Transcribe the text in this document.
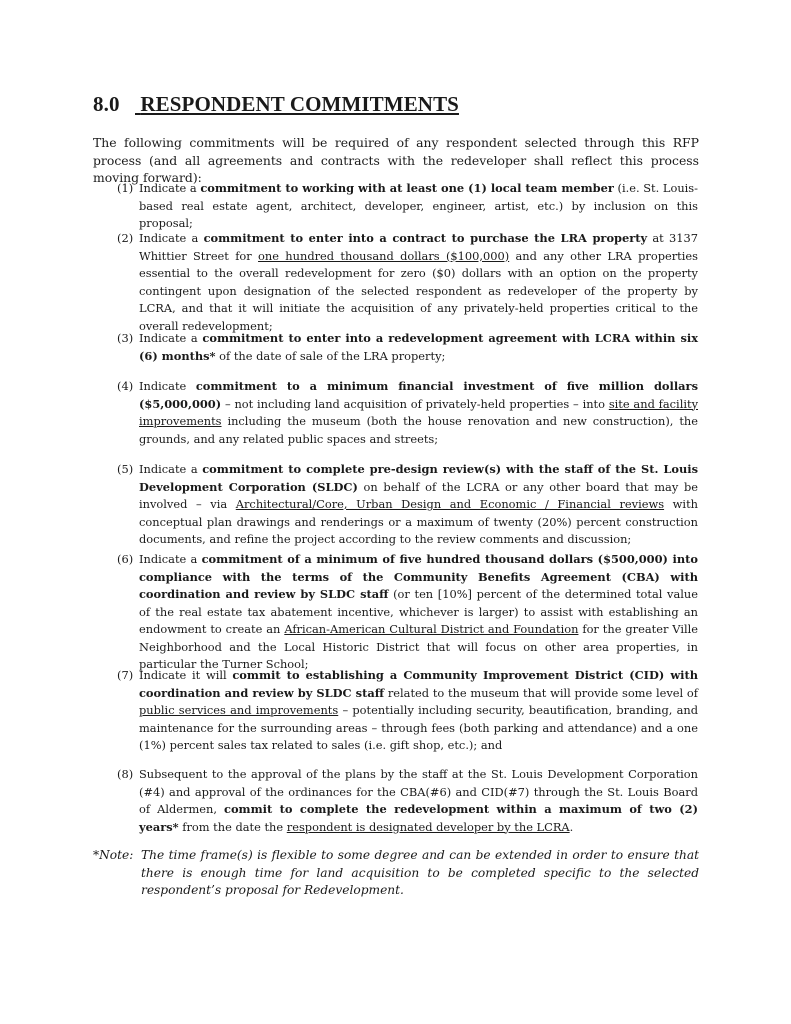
8.0 RESPONDENT COMMITMENTS
The following commitments will be required of any respondent selected through this RFP process (and all agreements and contracts with the redeveloper shall reflect this process moving forward):
(1) Indicate a commitment to working with at least one (1) local team member (i.e. St. Louis-based real estate agent, architect, developer, engineer, artist, etc.) by inclusion on this proposal;
(2) Indicate a commitment to enter into a contract to purchase the LRA property at 3137 Whittier Street for one hundred thousand dollars ($100,000) and any other LRA properties essential to the overall redevelopment for zero ($0) dollars with an option on the property contingent upon designation of the selected respondent as redeveloper of the property by LCRA, and that it will initiate the acquisition of any privately-held properties critical to the overall redevelopment;
(3) Indicate a commitment to enter into a redevelopment agreement with LCRA within six (6) months* of the date of sale of the LRA property;
(4) Indicate commitment to a minimum financial investment of five million dollars ($5,000,000) – not including land acquisition of privately-held properties – into site and facility improvements including the museum (both the house renovation and new construction), the grounds, and any related public spaces and streets;
(5) Indicate a commitment to complete pre-design review(s) with the staff of the St. Louis Development Corporation (SLDC) on behalf of the LCRA or any other board that may be involved – via Architectural/Core, Urban Design and Economic / Financial reviews with conceptual plan drawings and renderings or a maximum of twenty (20%) percent construction documents, and refine the project according to the review comments and discussion;
(6) Indicate a commitment of a minimum of five hundred thousand dollars ($500,000) into compliance with the terms of the Community Benefits Agreement (CBA) with coordination and review by SLDC staff (or ten [10%] percent of the determined total value of the real estate tax abatement incentive, whichever is larger) to assist with establishing an endowment to create an African-American Cultural District and Foundation for the greater Ville Neighborhood and the Local Historic District that will focus on other area properties, in particular the Turner School;
(7) Indicate it will commit to establishing a Community Improvement District (CID) with coordination and review by SLDC staff related to the museum that will provide some level of public services and improvements – potentially including security, beautification, branding, and maintenance for the surrounding areas – through fees (both parking and attendance) and a one (1%) percent sales tax related to sales (i.e. gift shop, etc.); and
(8) Subsequent to the approval of the plans by the staff at the St. Louis Development Corporation (#4) and approval of the ordinances for the CBA(#6) and CID(#7) through the St. Louis Board of Aldermen, commit to complete the redevelopment within a maximum of two (2) years* from the date the respondent is designated developer by the LCRA.
*Note: The time frame(s) is flexible to some degree and can be extended in order to ensure that there is enough time for land acquisition to be completed specific to the selected respondent’s proposal for Redevelopment.
